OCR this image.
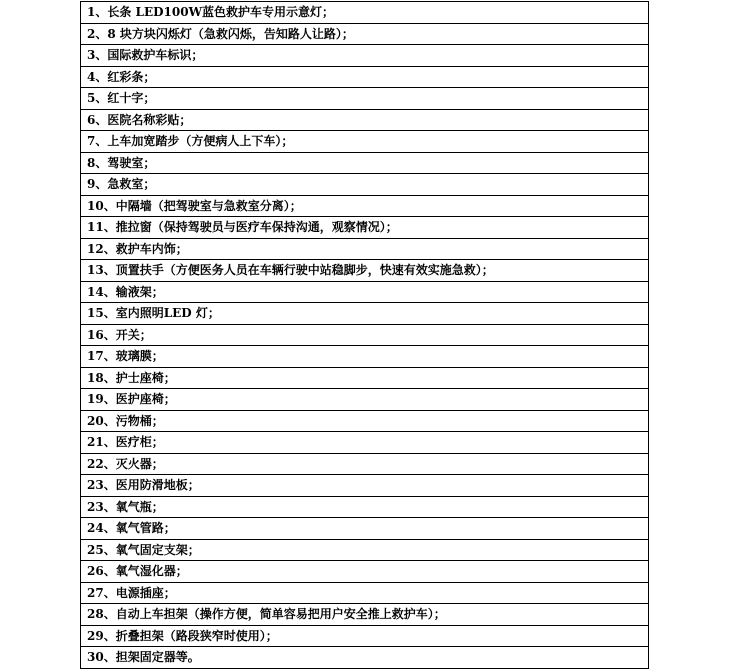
1、长条 LED100W蓝色救护车专用示意灯；
2、8 块方块闪烁灯（急救闪烁，告知路人让路）；
3、国际救护车标识；
4、红彩条；
5、红十字；
6、医院名称彩贴；
7、上车加宽踏步（方便病人上下车）；
8、驾驶室；
9、急救室；
10、中隔墙（把驾驶室与急救室分离）；
11、推拉窗（保持驾驶员与医疗车保持沟通，观察情况）；
12、救护车内饰；
13、顶置扶手（方便医务人员在车辆行驶中站稳脚步，快速有效实施急救）；
14、输液架；
15、室内照明LED 灯；
16、开关；
17、玻璃膜；
18、护士座椅；
19、医护座椅；
20、污物桶；
21、医疗柜；
22、灭火器；
23、医用防滑地板；
23、氧气瓶；
24、氧气管路；
25、氧气固定支架；
26、氧气湿化器；
27、电源插座；
28、自动上车担架（操作方便，简单容易把用户安全推上救护车）；
29、折叠担架（路段狭窄时使用）；
30、担架固定器等。
